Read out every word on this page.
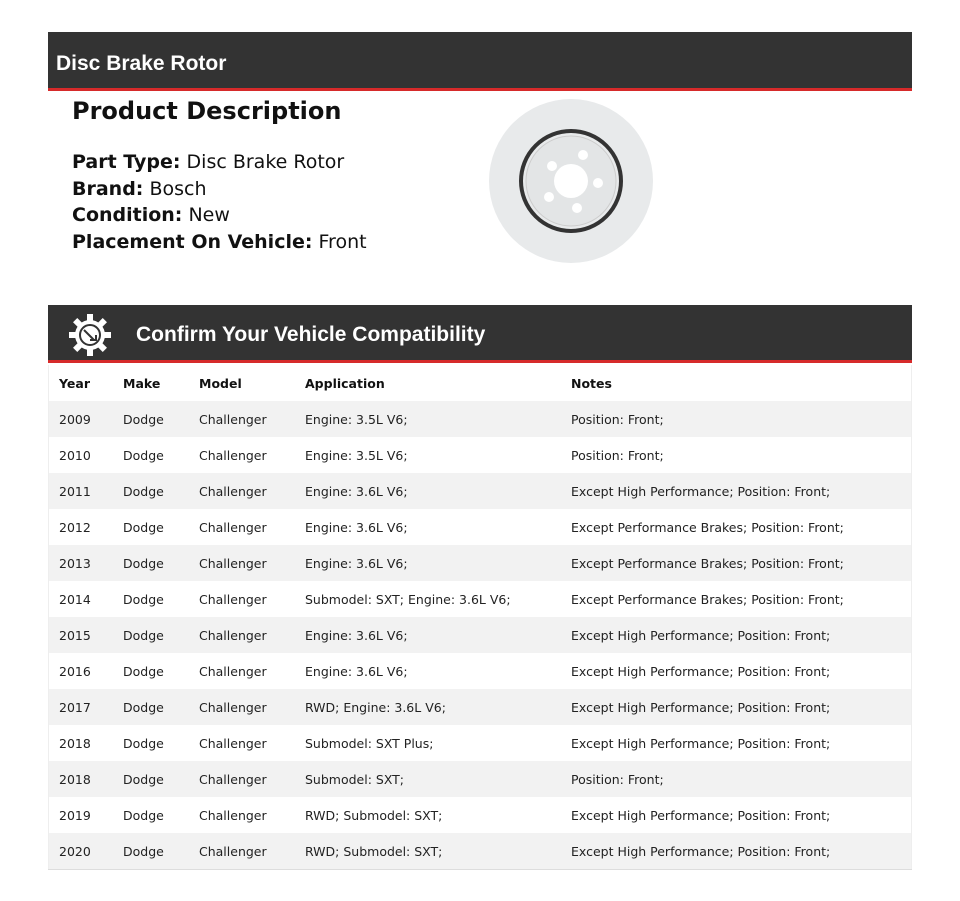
Disc Brake Rotor
Product Description
Part Type: Disc Brake Rotor
Brand: Bosch
Condition: New
Placement On Vehicle: Front
Confirm Your Vehicle Compatibility
Year	Make	Model	Application	Notes
2009	Dodge	Challenger	Engine: 3.5L V6;	Position: Front;
2010	Dodge	Challenger	Engine: 3.5L V6;	Position: Front;
2011	Dodge	Challenger	Engine: 3.6L V6;	Except High Performance; Position: Front;
2012	Dodge	Challenger	Engine: 3.6L V6;	Except Performance Brakes; Position: Front;
2013	Dodge	Challenger	Engine: 3.6L V6;	Except Performance Brakes; Position: Front;
2014	Dodge	Challenger	Submodel: SXT; Engine: 3.6L V6;	Except Performance Brakes; Position: Front;
2015	Dodge	Challenger	Engine: 3.6L V6;	Except High Performance; Position: Front;
2016	Dodge	Challenger	Engine: 3.6L V6;	Except High Performance; Position: Front;
2017	Dodge	Challenger	RWD; Engine: 3.6L V6;	Except High Performance; Position: Front;
2018	Dodge	Challenger	Submodel: SXT Plus;	Except High Performance; Position: Front;
2018	Dodge	Challenger	Submodel: SXT;	Position: Front;
2019	Dodge	Challenger	RWD; Submodel: SXT;	Except High Performance; Position: Front;
2020	Dodge	Challenger	RWD; Submodel: SXT;	Except High Performance; Position: Front;
